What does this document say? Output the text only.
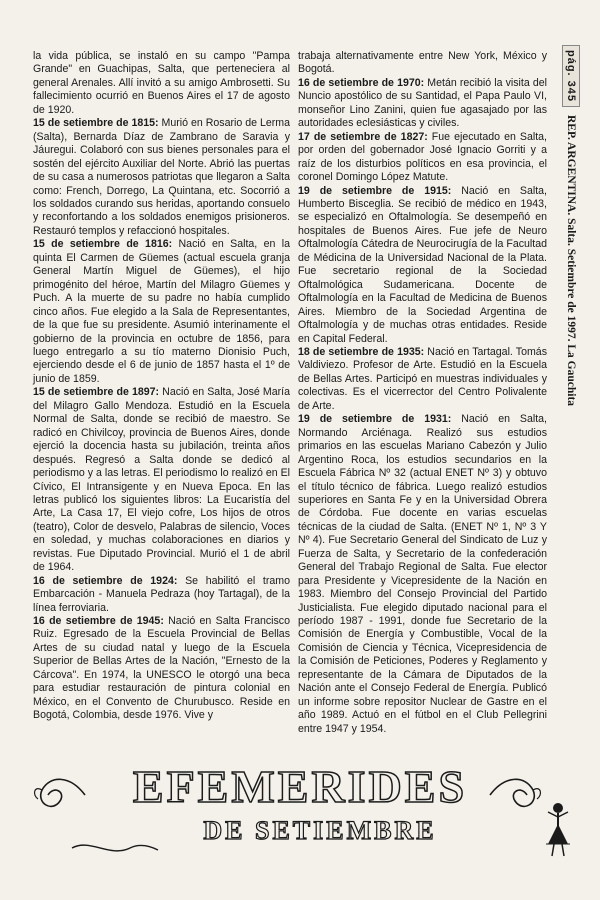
la vida pública, se instaló en su campo "Pampa Grande" en Guachipas, Salta, que perteneciera al general Arenales. Allí invitó a su amigo Ambrosetti. Su fallecimiento ocurrió en Buenos Aires el 17 de agosto de 1920.

15 de setiembre de 1815: Murió en Rosario de Lerma (Salta), Bernarda Díaz de Zambrano de Saravia y Jáuregui. Colaboró con sus bienes personales para el sostén del ejército Auxiliar del Norte. Abrió las puertas de su casa a numerosos patriotas que llegaron a Salta como: French, Dorrego, La Quintana, etc. Socorrió a los soldados curando sus heridas, aportando consuelo y reconfortando a los soldados enemigos prisioneros. Restauró templos y refaccionó hospitales.

15 de setiembre de 1816: Nació en Salta, en la quinta El Carmen de Güemes (actual escuela granja General Martín Miguel de Güemes), el hijo primogénito del héroe, Martín del Milagro Güemes y Puch. A la muerte de su padre no había cumplido cinco años. Fue elegido a la Sala de Representantes, de la que fue su presidente. Asumió interinamente el gobierno de la provincia en octubre de 1856, para luego entregarlo a su tío materno Dionisio Puch, ejerciendo desde el 6 de junio de 1857 hasta el 1º de junio de 1859.

15 de setiembre de 1897: Nació en Salta, José María del Milagro Gallo Mendoza. Estudió en la Escuela Normal de Salta, donde se recibió de maestro. Se radicó en Chivilcoy, provincia de Buenos Aires, donde ejerció la docencia hasta su jubilación, treinta años después. Regresó a Salta donde se dedicó al periodismo y a las letras. El periodismo lo realizó en El Cívico, El Intransigente y en Nueva Epoca. En las letras publicó los siguientes libros: La Eucaristía del Arte, La Casa 17, El viejo cofre, Los hijos de otros (teatro), Color de desvelo, Palabras de silencio, Voces en soledad, y muchas colaboraciones en diarios y revistas. Fue Diputado Provincial. Murió el 1 de abril de 1964.

16 de setiembre de 1924: Se habilitó el tramo Embarcación - Manuela Pedraza (hoy Tartagal), de la línea ferroviaria.

16 de setiembre de 1945: Nació en Salta Francisco Ruiz. Egresado de la Escuela Provincial de Bellas Artes de su ciudad natal y luego de la Escuela Superior de Bellas Artes de la Nación, "Ernesto de la Cárcova". En 1974, la UNESCO le otorgó una beca para estudiar restauración de pintura colonial en México, en el Convento de Churubusco. Reside en Bogotá, Colombia, desde 1976. Vive y

trabaja alternativamente entre New York, México y Bogotá.

16 de setiembre de 1970: Metán recibió la visita del Nuncio apostólico de su Santidad, el Papa Paulo VI, monseñor Lino Zanini, quien fue agasajado por las autoridades eclesiásticas y civiles.

17 de setiembre de 1827: Fue ejecutado en Salta, por orden del gobernador José Ignacio Gorriti y a raíz de los disturbios políticos en esa provincia, el coronel Domingo López Matute.

19 de setiembre de 1915: Nació en Salta, Humberto Bisceglia. Se recibió de médico en 1943, se especializó en Oftalmología. Se desempeñó en hospitales de Buenos Aires. Fue jefe de Neuro Oftalmología Cátedra de Neurocirugía de la Facultad de Médicina de la Universidad Nacional de la Plata. Fue secretario regional de la Sociedad Oftalmológica Sudamericana. Docente de Oftalmología en la Facultad de Medicina de Buenos Aires. Miembro de la Sociedad Argentina de Oftalmología y de muchas otras entidades. Reside en Capital Federal.

18 de setiembre de 1935: Nació en Tartagal. Tomás Valdiviezo. Profesor de Arte. Estudió en la Escuela de Bellas Artes. Participó en muestras individuales y colectivas. Es el vicerrector del Centro Polivalente de Arte.

19 de setiembre de 1931: Nació en Salta, Normando Arciénaga. Realizó sus estudios primarios en las escuelas Mariano Cabezón y Julio Argentino Roca, los estudios secundarios en la Escuela Fábrica Nº 32 (actual ENET Nº 3) y obtuvo el título técnico de fábrica. Luego realizó estudios superiores en Santa Fe y en la Universidad Obrera de Córdoba. Fue docente en varias escuelas técnicas de la ciudad de Salta. (ENET Nº 1, Nº 3 Y Nº 4). Fue Secretario General del Sindicato de Luz y Fuerza de Salta, y Secretario de la confederación General del Trabajo Regional de Salta. Fue elector para Presidente y Vicepresidente de la Nación en 1983. Miembro del Consejo Provincial del Partido Justicialista. Fue elegido diputado nacional para el período 1987 - 1991, donde fue Secretario de la Comisión de Energía y Combustible, Vocal de la Comisión de Ciencia y Técnica, Vicepresidencia de la Comisión de Peticiones, Poderes y Reglamento y representante de la Cámara de Diputados de la Nación ante el Consejo Federal de Energía. Publicó un informe sobre repositor Nuclear de Gastre en el año 1989. Actuó en el fútbol en el Club Pellegrini entre 1947 y 1954.

pág. 345
REP. ARGENTINA. Salta. Setiembre de 1997. La Gauchita
EFEMERIDES
DE SETIEMBRE
